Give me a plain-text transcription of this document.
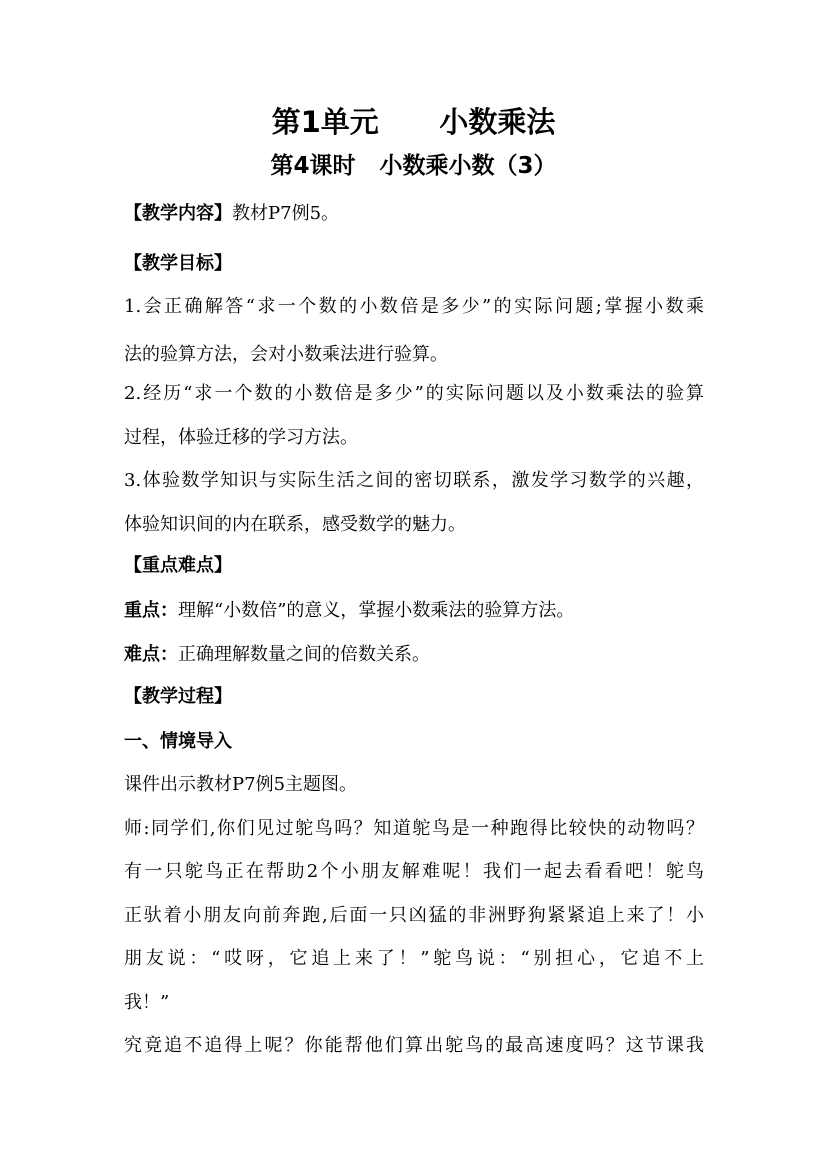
第1单元 小数乘法
第4课时 小数乘小数（3）
【教学内容】教材P7例5。
【教学目标】
1.会正确解答“求一个数的小数倍是多少”的实际问题;掌握小数乘
法的验算方法，会对小数乘法进行验算。
2.经历“求一个数的小数倍是多少”的实际问题以及小数乘法的验算
过程，体验迁移的学习方法。
3.体验数学知识与实际生活之间的密切联系，激发学习数学的兴趣，
体验知识间的内在联系，感受数学的魅力。
【重点难点】
重点：理解“小数倍”的意义，掌握小数乘法的验算方法。
难点：正确理解数量之间的倍数关系。
【教学过程】
一、情境导入
课件出示教材P7例5主题图。
师:同学们,你们见过鸵鸟吗？知道鸵鸟是一种跑得比较快的动物吗？
有一只鸵鸟正在帮助2个小朋友解难呢！我们一起去看看吧！鸵鸟
正驮着小朋友向前奔跑,后面一只凶猛的非洲野狗紧紧追上来了！小
朋友说：“哎呀，它追上来了！”鸵鸟说：“别担心，它追不上
我！”
究竟追不追得上呢？你能帮他们算出鸵鸟的最高速度吗？这节课我
